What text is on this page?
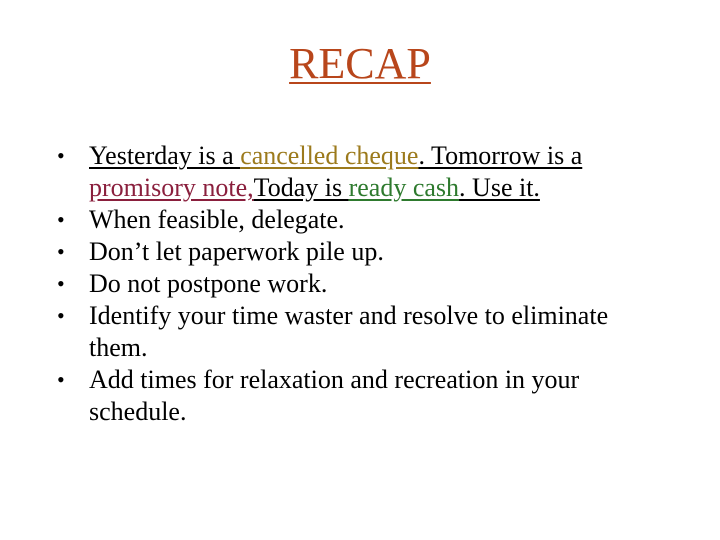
RECAP
• Yesterday is a cancelled cheque. Tomorrow is a promisory note,Today is ready cash. Use it.
• When feasible, delegate.
• Don’t let paperwork pile up.
• Do not postpone work.
• Identify your time waster and resolve to eliminate them.
• Add times for relaxation and recreation in your schedule.
